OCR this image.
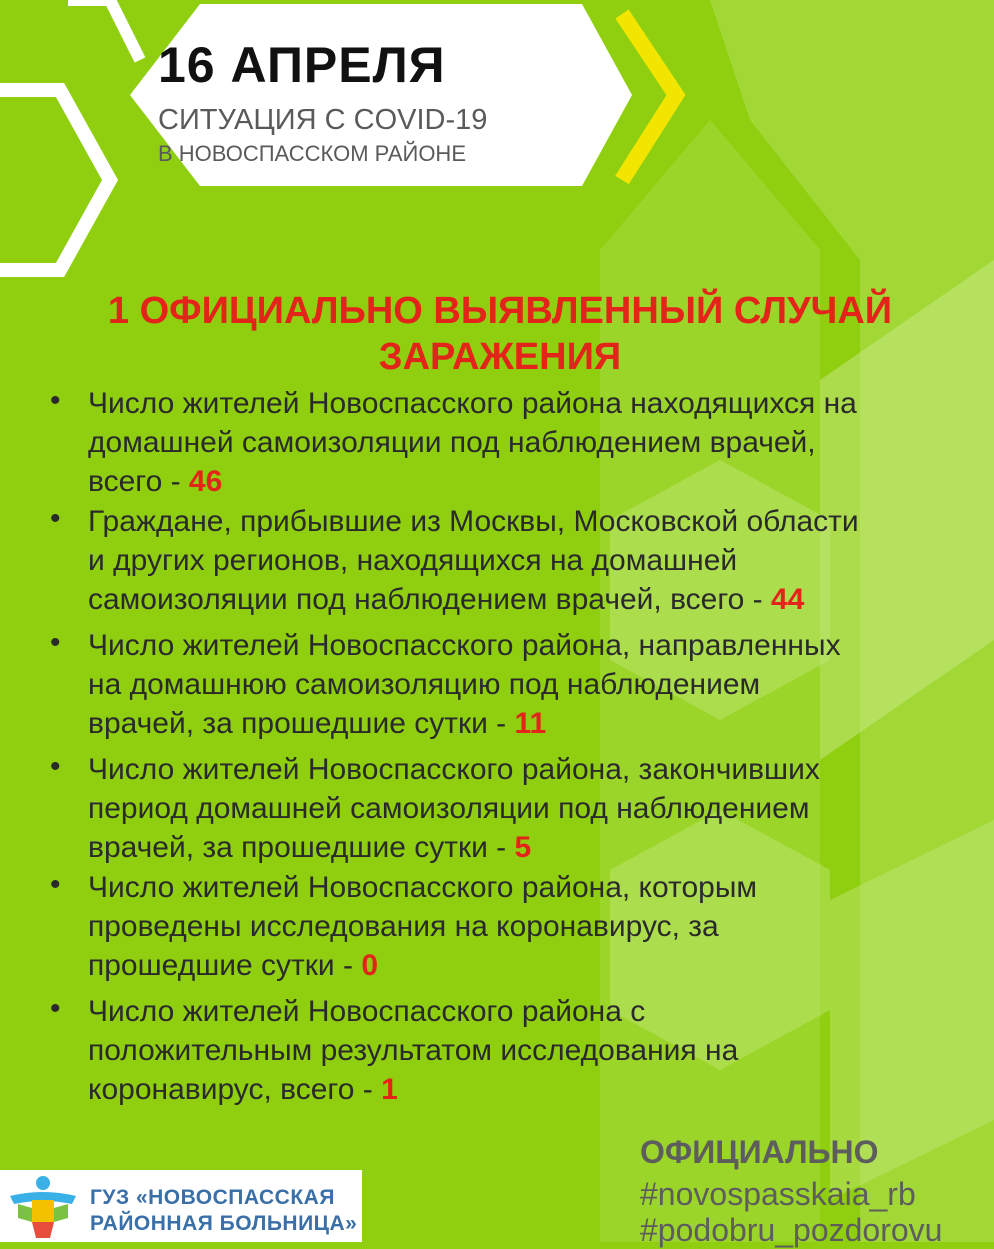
16 АПРЕЛЯ
СИТУАЦИЯ С COVID-19
В НОВОСПАССКОМ РАЙОНЕ
1 ОФИЦИАЛЬНО ВЫЯВЛЕННЫЙ СЛУЧАЙ
ЗАРАЖЕНИЯ
• Число жителей Новоспасского района находящихся на
домашней самоизоляции под наблюдением врачей,
всего - 46
• Граждане, прибывшие из Москвы, Московской области
и других регионов, находящихся на домашней
самоизоляции под наблюдением врачей, всего - 44
• Число жителей Новоспасского района, направленных
на домашнюю самоизоляцию под наблюдением
врачей, за прошедшие сутки - 11
• Число жителей Новоспасского района, закончивших
период домашней самоизоляции под наблюдением
врачей, за прошедшие сутки - 5
• Число жителей Новоспасского района, которым
проведены исследования на коронавирус, за
прошедшие сутки - 0
• Число жителей Новоспасского района с
положительным результатом исследования на
коронавирус, всего - 1
ОФИЦИАЛЬНО
#novospasskaia_rb
#podobru_pozdorovu
ГУЗ «НОВОСПАССКАЯ
РАЙОННАЯ БОЛЬНИЦА»
